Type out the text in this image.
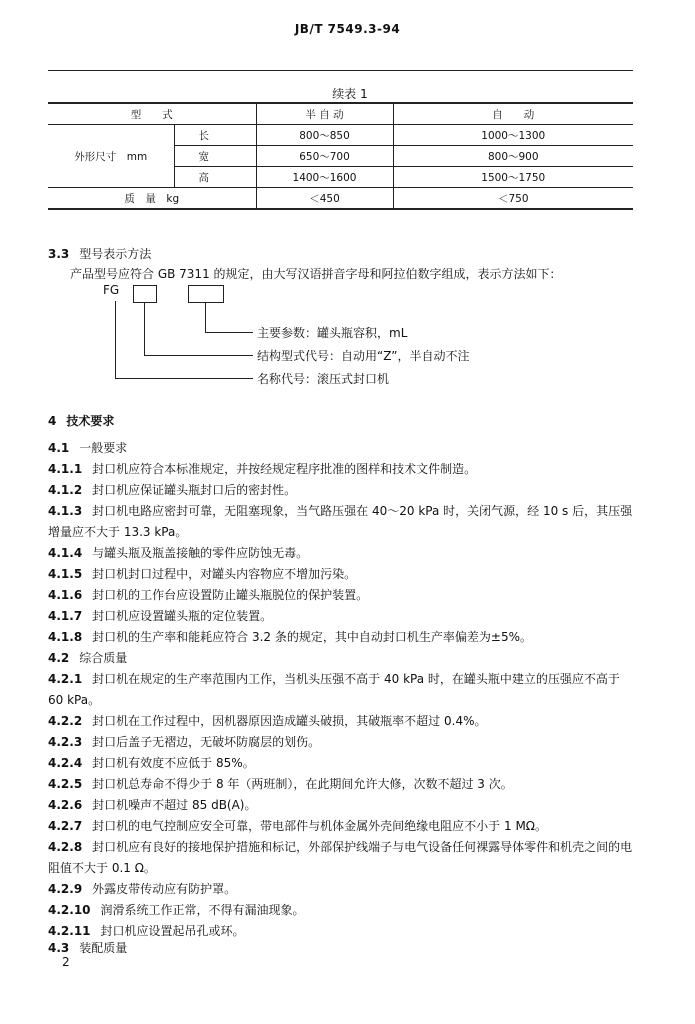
JB/T 7549.3-94
续表 1
型　　式		半 自 动	自　　动
外形尺寸　mm	长	800～850	1000～1300
	宽	650～700	800～900
	高	1400～1600	1500～1750
质　量　kg		＜450	＜750
3.3 型号表示方法
产品型号应符合 GB 7311 的规定，由大写汉语拼音字母和阿拉伯数字组成，表示方法如下：
FG
主要参数：罐头瓶容积，mL
结构型式代号：自动用“Z”，半自动不注
名称代号：滚压式封口机
4 技术要求
4.1 一般要求
4.1.1 封口机应符合本标准规定，并按经规定程序批准的图样和技术文件制造。
4.1.2 封口机应保证罐头瓶封口后的密封性。
4.1.3 封口机电路应密封可靠，无阻塞现象，当气路压强在 40～20 kPa 时，关闭气源，经 10 s 后，其压强增量应不大于 13.3 kPa。
4.1.4 与罐头瓶及瓶盖接触的零件应防蚀无毒。
4.1.5 封口机封口过程中，对罐头内容物应不增加污染。
4.1.6 封口机的工作台应设置防止罐头瓶脱位的保护装置。
4.1.7 封口机应设置罐头瓶的定位装置。
4.1.8 封口机的生产率和能耗应符合 3.2 条的规定，其中自动封口机生产率偏差为±5%。
4.2 综合质量
4.2.1 封口机在规定的生产率范围内工作，当机头压强不高于 40 kPa 时，在罐头瓶中建立的压强应不高于 60 kPa。
4.2.2 封口机在工作过程中，因机器原因造成罐头破损，其破瓶率不超过 0.4%。
4.2.3 封口后盖子无褶边，无破坏防腐层的划伤。
4.2.4 封口机有效度不应低于 85%。
4.2.5 封口机总寿命不得少于 8 年（两班制），在此期间允许大修，次数不超过 3 次。
4.2.6 封口机噪声不超过 85 dB(A)。
4.2.7 封口机的电气控制应安全可靠，带电部件与机体金属外壳间绝缘电阻应不小于 1 MΩ。
4.2.8 封口机应有良好的接地保护措施和标记，外部保护线端子与电气设备任何裸露导体零件和机壳之间的电阻值不大于 0.1 Ω。
4.2.9 外露皮带传动应有防护罩。
4.2.10 润滑系统工作正常，不得有漏油现象。
4.2.11 封口机应设置起吊孔或环。
4.3 装配质量
2
